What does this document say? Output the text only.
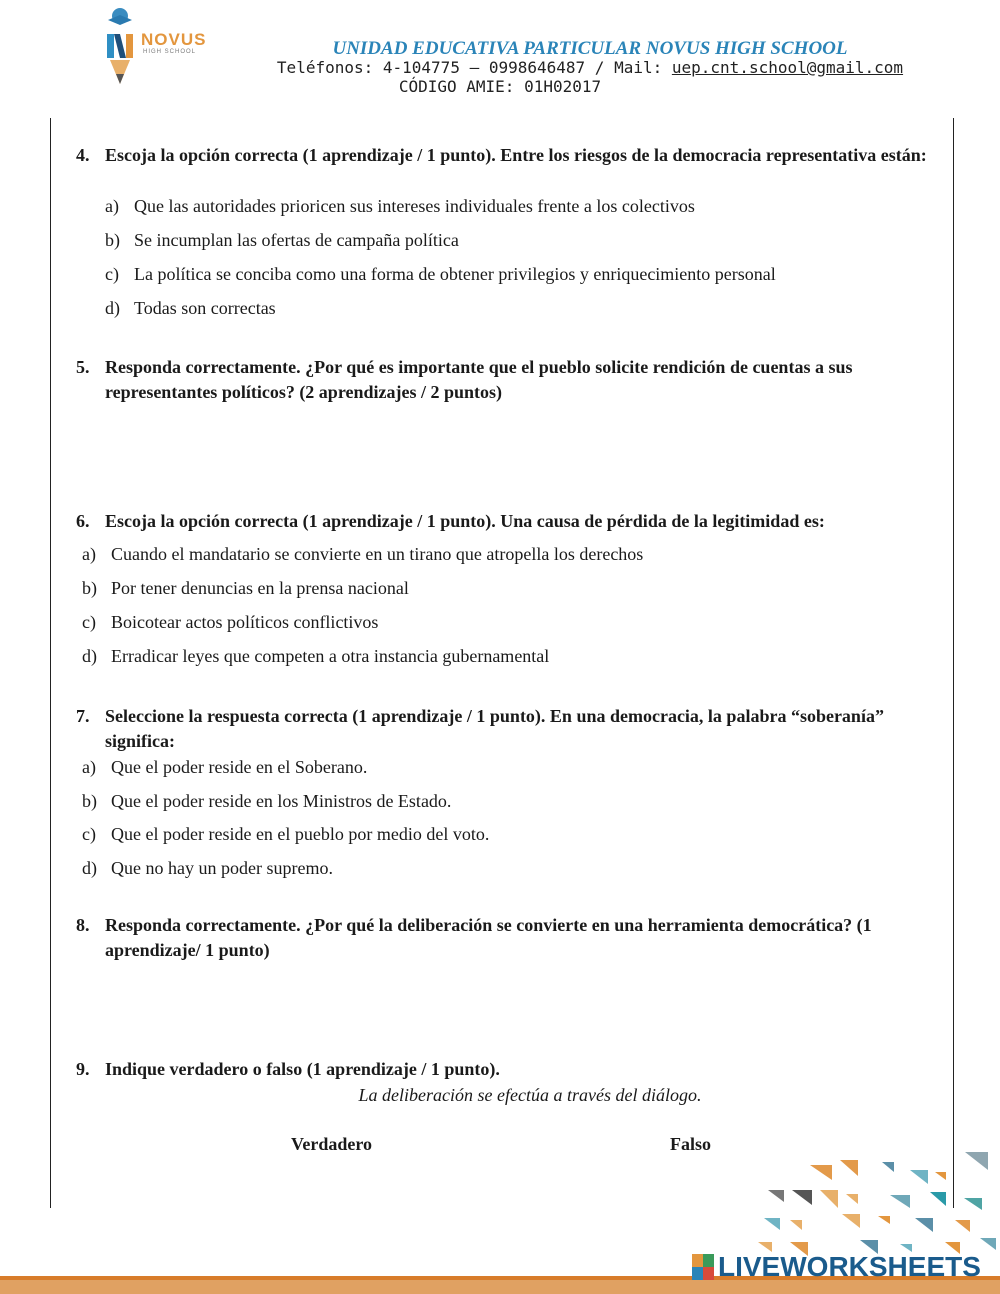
NOVUS
HIGH SCHOOL	UNIDAD EDUCATIVA PARTICULAR NOVUS HIGH SCHOOL
Teléfonos: 4-104775 – 0998646487 / Mail: uep.cnt.school@gmail.com
CÓDIGO AMIE: 01H02017
4. Escoja la opción correcta (1 aprendizaje / 1 punto). Entre los riesgos de la democracia representativa están:
a) Que las autoridades prioricen sus intereses individuales frente a los colectivos
b) Se incumplan las ofertas de campaña política
c) La política se conciba como una forma de obtener privilegios y enriquecimiento personal
d) Todas son correctas
5. Responda correctamente. ¿Por qué es importante que el pueblo solicite rendición de cuentas a sus representantes políticos? (2 aprendizajes / 2 puntos)
6. Escoja la opción correcta (1 aprendizaje / 1 punto). Una causa de pérdida de la legitimidad es:
a) Cuando el mandatario se convierte en un tirano que atropella los derechos
b) Por tener denuncias en la prensa nacional
c) Boicotear actos políticos conflictivos
d) Erradicar leyes que competen a otra instancia gubernamental
7. Seleccione la respuesta correcta (1 aprendizaje / 1 punto). En una democracia, la palabra “soberanía” significa:
a) Que el poder reside en el Soberano.
b) Que el poder reside en los Ministros de Estado.
c) Que el poder reside en el pueblo por medio del voto.
d) Que no hay un poder supremo.
8. Responda correctamente. ¿Por qué la deliberación se convierte en una herramienta democrática? (1 aprendizaje/ 1 punto)
9. Indique verdadero o falso (1 aprendizaje / 1 punto).
La deliberación se efectúa a través del diálogo.
Verdadero	Falso
LIVEWORKSHEETS
